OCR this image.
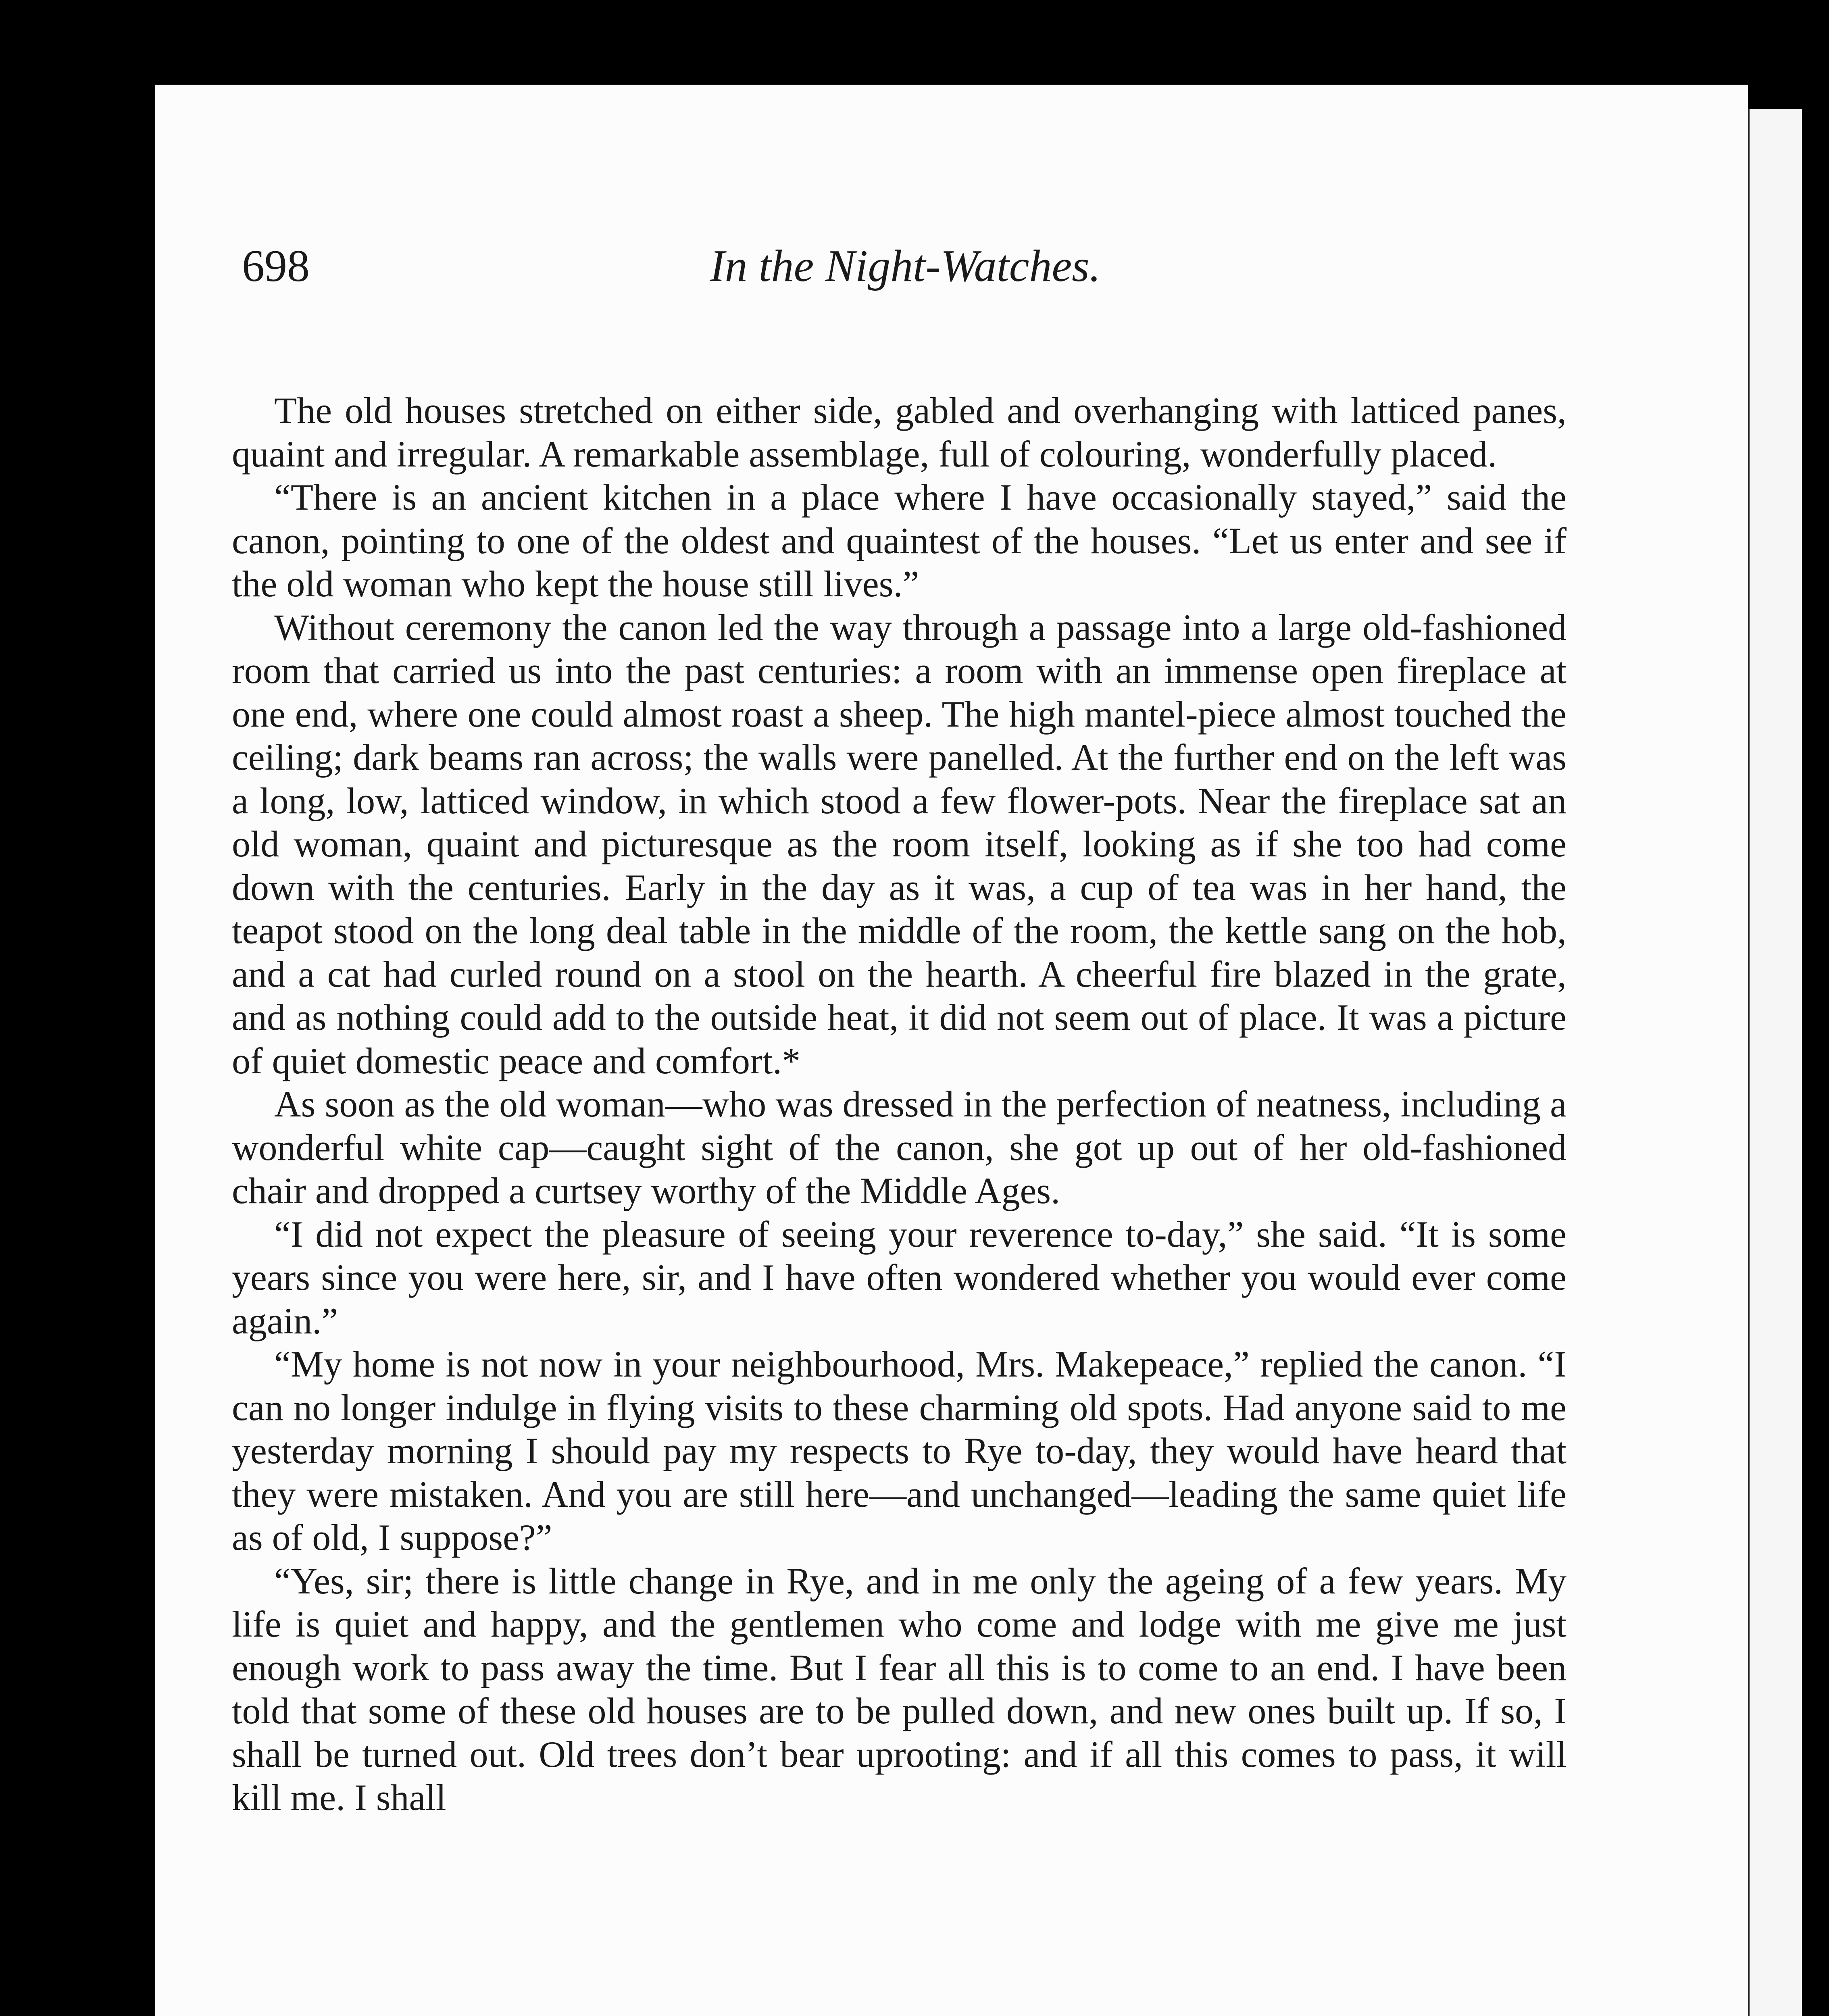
698	In the Night-Watches.

The old houses stretched on either side, gabled and overhanging with latticed panes, quaint and irregular. A remarkable assemblage, full of colouring, wonderfully placed.

“There is an ancient kitchen in a place where I have occasionally stayed,” said the canon, pointing to one of the oldest and quaintest of the houses. “Let us enter and see if the old woman who kept the house still lives.”

Without ceremony the canon led the way through a passage into a large old-fashioned room that carried us into the past centuries: a room with an immense open fireplace at one end, where one could almost roast a sheep. The high mantel-piece almost touched the ceiling; dark beams ran across; the walls were panelled. At the further end on the left was a long, low, latticed window, in which stood a few flower-pots. Near the fireplace sat an old woman, quaint and picturesque as the room itself, looking as if she too had come down with the centuries. Early in the day as it was, a cup of tea was in her hand, the teapot stood on the long deal table in the middle of the room, the kettle sang on the hob, and a cat had curled round on a stool on the hearth. A cheerful fire blazed in the grate, and as nothing could add to the outside heat, it did not seem out of place. It was a picture of quiet domestic peace and comfort.*

As soon as the old woman—who was dressed in the perfection of neatness, including a wonderful white cap—caught sight of the canon, she got up out of her old-fashioned chair and dropped a curtsey worthy of the Middle Ages.

“I did not expect the pleasure of seeing your reverence to-day,” she said. “It is some years since you were here, sir, and I have often wondered whether you would ever come again.”

“My home is not now in your neighbourhood, Mrs. Makepeace,” replied the canon. “I can no longer indulge in flying visits to these charming old spots. Had anyone said to me yesterday morning I should pay my respects to Rye to-day, they would have heard that they were mistaken. And you are still here—and unchanged—leading the same quiet life as of old, I suppose?”

“Yes, sir; there is little change in Rye, and in me only the ageing of a few years. My life is quiet and happy, and the gentlemen who come and lodge with me give me just enough work to pass away the time. But I fear all this is to come to an end. I have been told that some of these old houses are to be pulled down, and new ones built up. If so, I shall be turned out. Old trees don’t bear uprooting: and if all this comes to pass, it will kill me. I shall
